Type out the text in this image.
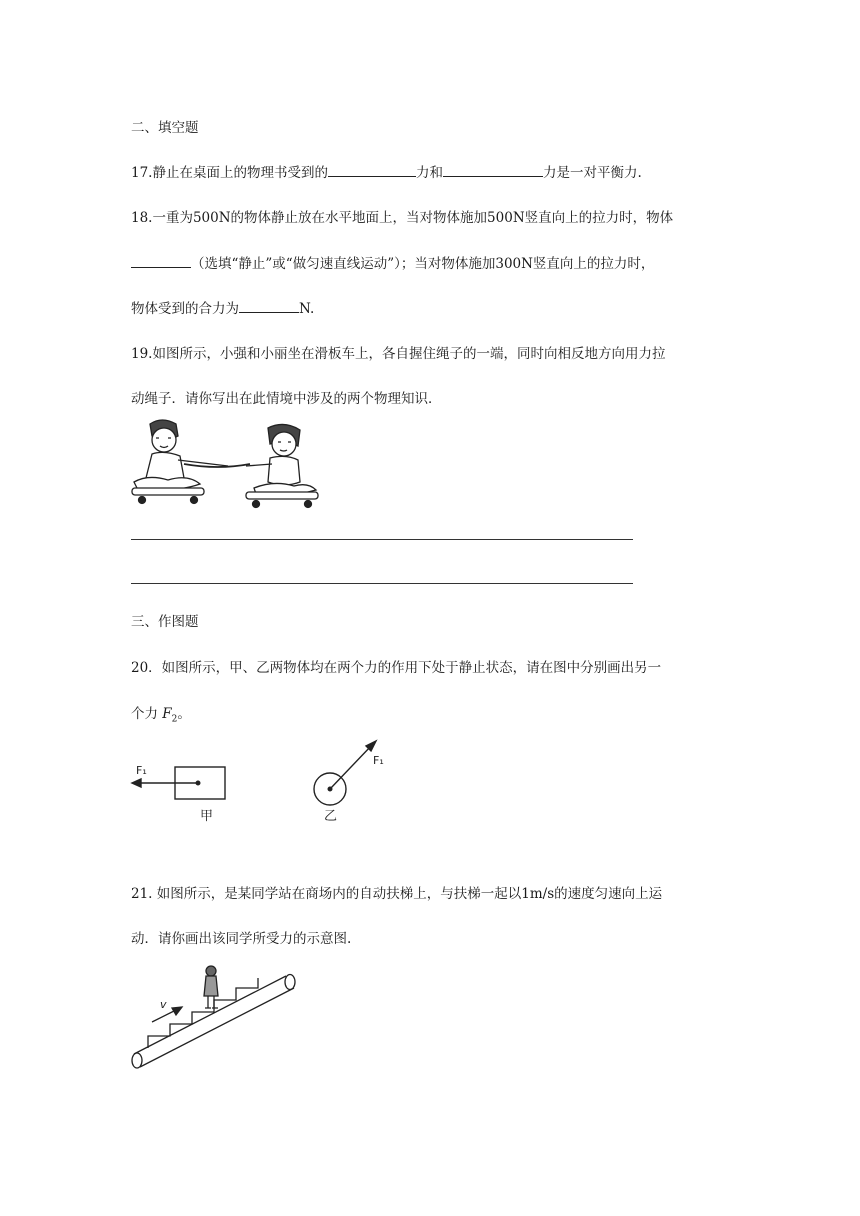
二、填空题
17.静止在桌面上的物理书受到的	力和	力是一对平衡力.
18.一重为500N的物体静止放在水平地面上，当对物体施加500N竖直向上的拉力时，物体
（选填“静止”或“做匀速直线运动”）；当对物体施加300N竖直向上的拉力时，
物体受到的合力为	N.
19.如图所示，小强和小丽坐在滑板车上，各自握住绳子的一端，同时向相反地方向用力拉
动绳子．请你写出在此情境中涉及的两个物理知识．
三、作图题
20．如图所示，甲、乙两物体均在两个力的作用下处于静止状态，请在图中分别画出另一
个力 $F_2$。
F₁
甲
F₁
乙
21. 如图所示，是某同学站在商场内的自动扶梯上，与扶梯一起以1m/s的速度匀速向上运
动．请你画出该同学所受力的示意图.
v
